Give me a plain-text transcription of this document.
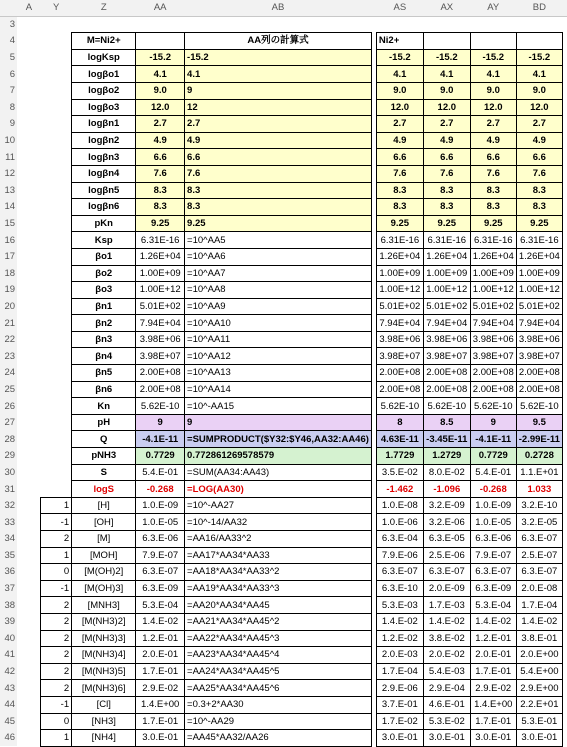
	A	Y	Z	AA	AB		AS	AX	AY	BD	
3											
4			M=Ni2+		AA列の計算式		Ni2+				
5			logKsp	-15.2	-15.2		-15.2	-15.2	-15.2	-15.2	
6			logβo1	4.1	4.1		4.1	4.1	4.1	4.1	
7			logβo2	9.0	9		9.0	9.0	9.0	9.0	
8			logβo3	12.0	12		12.0	12.0	12.0	12.0	
9			logβn1	2.7	2.7		2.7	2.7	2.7	2.7	
10			logβn2	4.9	4.9		4.9	4.9	4.9	4.9	
11			logβn3	6.6	6.6		6.6	6.6	6.6	6.6	
12			logβn4	7.6	7.6		7.6	7.6	7.6	7.6	
13			logβn5	8.3	8.3		8.3	8.3	8.3	8.3	
14			logβn6	8.3	8.3		8.3	8.3	8.3	8.3	
15			pKn	9.25	9.25		9.25	9.25	9.25	9.25	
16			Ksp	6.31E-16	=10^AA5		6.31E-16	6.31E-16	6.31E-16	6.31E-16	
17			βo1	1.26E+04	=10^AA6		1.26E+04	1.26E+04	1.26E+04	1.26E+04	
18			βo2	1.00E+09	=10^AA7		1.00E+09	1.00E+09	1.00E+09	1.00E+09	
19			βo3	1.00E+12	=10^AA8		1.00E+12	1.00E+12	1.00E+12	1.00E+12	
20			βn1	5.01E+02	=10^AA9		5.01E+02	5.01E+02	5.01E+02	5.01E+02	
21			βn2	7.94E+04	=10^AA10		7.94E+04	7.94E+04	7.94E+04	7.94E+04	
22			βn3	3.98E+06	=10^AA11		3.98E+06	3.98E+06	3.98E+06	3.98E+06	
23			βn4	3.98E+07	=10^AA12		3.98E+07	3.98E+07	3.98E+07	3.98E+07	
24			βn5	2.00E+08	=10^AA13		2.00E+08	2.00E+08	2.00E+08	2.00E+08	
25			βn6	2.00E+08	=10^AA14		2.00E+08	2.00E+08	2.00E+08	2.00E+08	
26			Kn	5.62E-10	=10^-AA15		5.62E-10	5.62E-10	5.62E-10	5.62E-10	
27			pH	9	9		8	8.5	9	9.5	
28			Q	-4.1E-11	=SUMPRODUCT($Y32:$Y46,AA32:AA46)		4.63E-11	-3.45E-11	-4.1E-11	-2.99E-11	
29			pNH3	0.7729	0.772861269578579		1.7729	1.2729	0.7729	0.2728	
30			S	5.4.E-01	=SUM(AA34:AA43)		3.5.E-02	8.0.E-02	5.4.E-01	1.1.E+01	
31			logS	-0.268	=LOG(AA30)		-1.462	-1.096	-0.268	1.033	
32		1	[H]	1.0.E-09	=10^-AA27		1.0.E-08	3.2.E-09	1.0.E-09	3.2.E-10	
33		-1	[OH]	1.0.E-05	=10^-14/AA32		1.0.E-06	3.2.E-06	1.0.E-05	3.2.E-05	
34		2	[M]	6.3.E-06	=AA16/AA33^2		6.3.E-04	6.3.E-05	6.3.E-06	6.3.E-07	
35		1	[MOH]	7.9.E-07	=AA17*AA34*AA33		7.9.E-06	2.5.E-06	7.9.E-07	2.5.E-07	
36		0	[M(OH)2]	6.3.E-07	=AA18*AA34*AA33^2		6.3.E-07	6.3.E-07	6.3.E-07	6.3.E-07	
37		-1	[M(OH)3]	6.3.E-09	=AA19*AA34*AA33^3		6.3.E-10	2.0.E-09	6.3.E-09	2.0.E-08	
38		2	[MNH3]	5.3.E-04	=AA20*AA34*AA45		5.3.E-03	1.7.E-03	5.3.E-04	1.7.E-04	
39		2	[M(NH3)2]	1.4.E-02	=AA21*AA34*AA45^2		1.4.E-02	1.4.E-02	1.4.E-02	1.4.E-02	
40		2	[M(NH3)3]	1.2.E-01	=AA22*AA34*AA45^3		1.2.E-02	3.8.E-02	1.2.E-01	3.8.E-01	
41		2	[M(NH3)4]	2.0.E-01	=AA23*AA34*AA45^4		2.0.E-03	2.0.E-02	2.0.E-01	2.0.E+00	
42		2	[M(NH3)5]	1.7.E-01	=AA24*AA34*AA45^5		1.7.E-04	5.4.E-03	1.7.E-01	5.4.E+00	
43		2	[M(NH3)6]	2.9.E-02	=AA25*AA34*AA45^6		2.9.E-06	2.9.E-04	2.9.E-02	2.9.E+00	
44		-1	[Cl]	1.4.E+00	=0.3+2*AA30		3.7.E-01	4.6.E-01	1.4.E+00	2.2.E+01	
45		0	[NH3]	1.7.E-01	=10^-AA29		1.7.E-02	5.3.E-02	1.7.E-01	5.3.E-01	
46		1	[NH4]	3.0.E-01	=AA45*AA32/AA26		3.0.E-01	3.0.E-01	3.0.E-01	3.0.E-01	
